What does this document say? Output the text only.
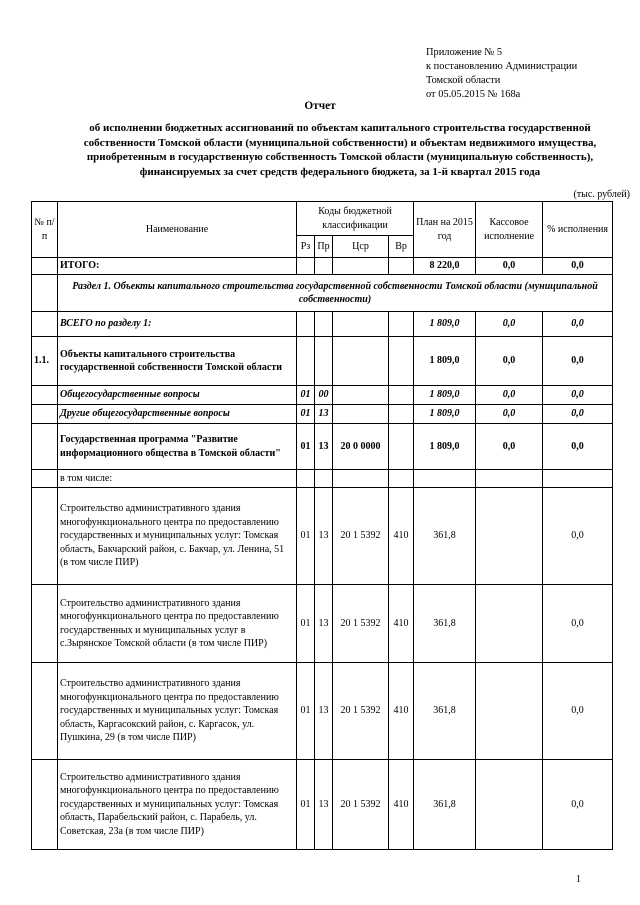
Приложение № 5
к постановлению Администрации
Томской области
от 05.05.2015 № 168а
Отчет
об исполнении бюджетных ассигнований по объектам капитального строительства государственной
собственности Томской области (муниципальной собственности) и объектам недвижимого имущества,
приобретенным в государственную собственность Томской области (муниципальную собственность),
финансируемых за счет средств федерального бюджета, за 1-й квартал 2015 года
(тыс. рублей)
№ п/п	Наименование	Коды бюджетной классификации				План на 2015 год	Кассовое исполнение	% исполнения
		Рз	Пр	Цср	Вр			
	ИТОГО:					8 220,0	0,0	0,0
	Раздел 1. Объекты капитального строительства государственной собственности Томской области (муниципальной собственности)							
	ВСЕГО по разделу 1:					1 809,0	0,0	0,0
1.1.	Объекты капитального строительства государственной собственности Томской области					1 809,0	0,0	0,0
	Общегосударственные вопросы	01	00			1 809,0	0,0	0,0
	Другие общегосударственные вопросы	01	13			1 809,0	0,0	0,0
	Государственная программа "Развитие информационного общества в Томской области"	01	13	20 0 0000		1 809,0	0,0	0,0
	в том числе:							
	Строительство административного здания многофункционального центра по предоставлению государственных и муниципальных услуг: Томская область, Бакчарский район, с. Бакчар, ул. Ленина, 51 (в том числе ПИР)	01	13	20 1 5392	410	361,8		0,0
	Строительство административного здания многофункционального центра по предоставлению государственных и муниципальных услуг в с.Зырянское Томской области (в том числе ПИР)	01	13	20 1 5392	410	361,8		0,0
	Строительство административного здания многофункционального центра по предоставлению государственных и муниципальных услуг: Томская область, Каргасокский район, с. Каргасок, ул. Пушкина, 29 (в том числе ПИР)	01	13	20 1 5392	410	361,8		0,0
	Строительство административного здания многофункционального центра по предоставлению государственных и муниципальных услуг: Томская область, Парабельский район, с. Парабель, ул. Советская, 23а (в том числе ПИР)	01	13	20 1 5392	410	361,8		0,0
1
